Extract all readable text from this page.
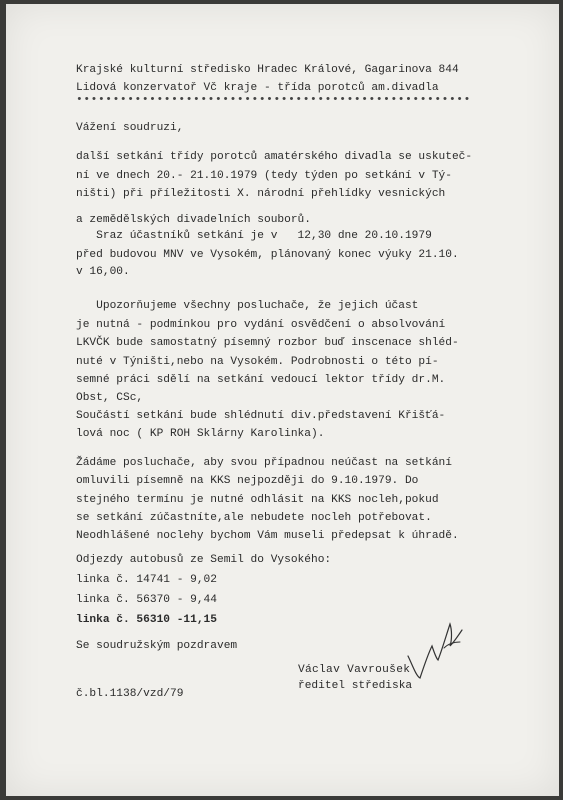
Krajské kulturní středisko Hradec Králové, Gagarinova 844
Lidová konzervatoř Vč kraje - třída porotců am.divadla
••••••••••••••••••••••••••••••••••••••••••••••••••••••
Vážení soudruzi,
další setkání třídy porotců amatérského divadla se uskuteč-
ní ve dnech 20.- 21.10.1979 (tedy týden po setkání v Tý-
ništi) při příležitosti X. národní přehlídky vesnických
a zemědělských divadelních souborů.
Sraz účastníků setkání je v   12,30 dne 20.10.1979
před budovou MNV ve Vysokém, plánovaný konec výuky 21.10.
v 16,00.
Upozorňujeme všechny posluchače, že jejich účast
je nutná - podmínkou pro vydání osvědčení o absolvování
LKVČK bude samostatný písemný rozbor buď inscenace shléd-
nuté v Týništi,nebo na Vysokém. Podrobnosti o této pí-
semné práci sdělí na setkání vedoucí lektor třídy dr.M.
Obst, CSc,
Součástí setkání bude shlédnutí div.představení Křišťá-
lová noc ( KP ROH Sklárny Karolinka).
Žádáme posluchače, aby svou případnou neúčast na setkání
omluvili písemně na KKS nejpozději do 9.10.1979. Do
stejného termínu je nutné odhlásit na KKS nocleh,pokud
se setkání zúčastníte,ale nebudete nocleh potřebovat.
Neodhlášené noclehy bychom Vám museli předepsat k úhradě.
Odjezdy autobusů ze Semil do Vysokého:
linka č. 14741 - 9,02
linka č. 56370 - 9,44
linka č. 56310 -11,15
Se soudružským pozdravem
Václav Vavroušek
ředitel střediska
č.bl.1138/vzd/79
